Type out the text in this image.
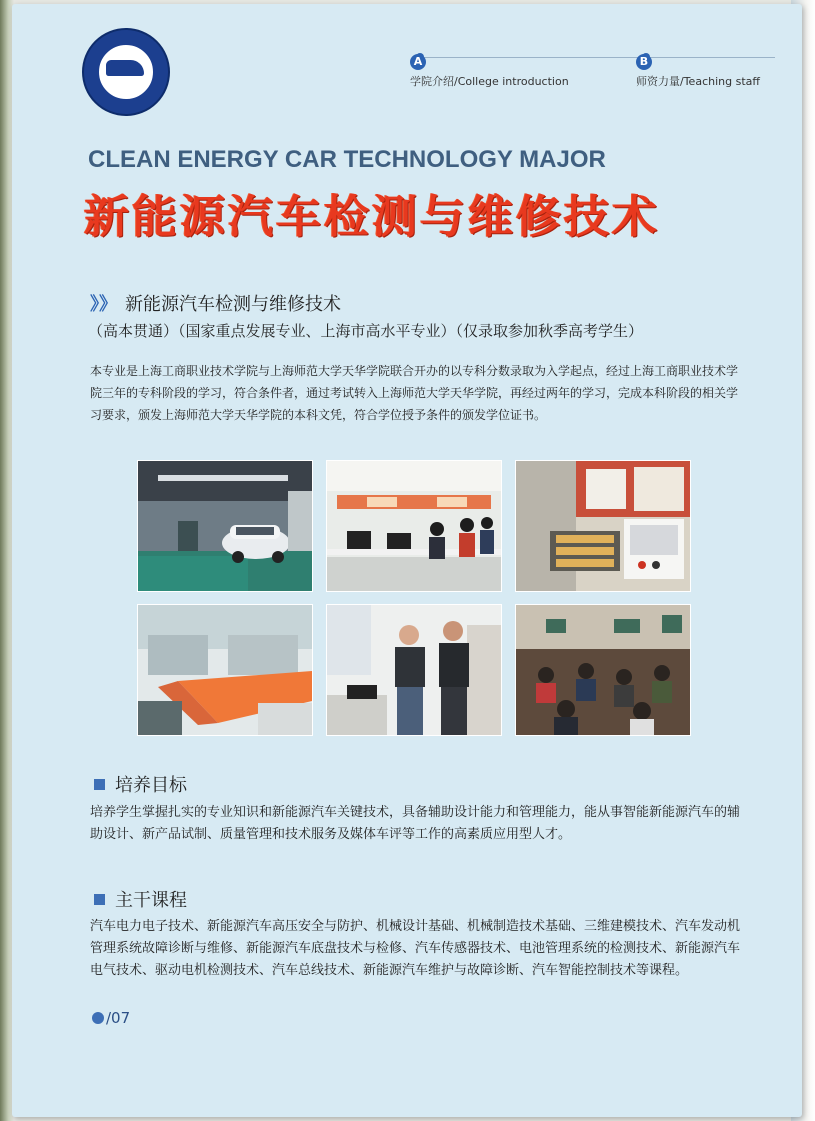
A
学院介绍/College introduction
B
师资力量/Teaching staff
CLEAN ENERGY CAR TECHNOLOGY MAJOR
新能源汽车检测与维修技术
》》 新能源汽车检测与维修技术
（高本贯通）（国家重点发展专业、上海市高水平专业）（仅录取参加秋季高考学生）
本专业是上海工商职业技术学院与上海师范大学天华学院联合开办的以专科分数录取为入学起点，经过上海工商职业技术学院三年的专科阶段的学习，符合条件者，通过考试转入上海师范大学天华学院，再经过两年的学习，完成本科阶段的相关学习要求，颁发上海师范大学天华学院的本科文凭，符合学位授予条件的颁发学位证书。
培养目标
培养学生掌握扎实的专业知识和新能源汽车关键技术，具备辅助设计能力和管理能力，能从事智能新能源汽车的辅助设计、新产品试制、质量管理和技术服务及媒体车评等工作的高素质应用型人才。
主干课程
汽车电力电子技术、新能源汽车高压安全与防护、机械设计基础、机械制造技术基础、三维建模技术、汽车发动机管理系统故障诊断与维修、新能源汽车底盘技术与检修、汽车传感器技术、电池管理系统的检测技术、新能源汽车电气技术、驱动电机检测技术、汽车总线技术、新能源汽车维护与故障诊断、汽车智能控制技术等课程。
/07
